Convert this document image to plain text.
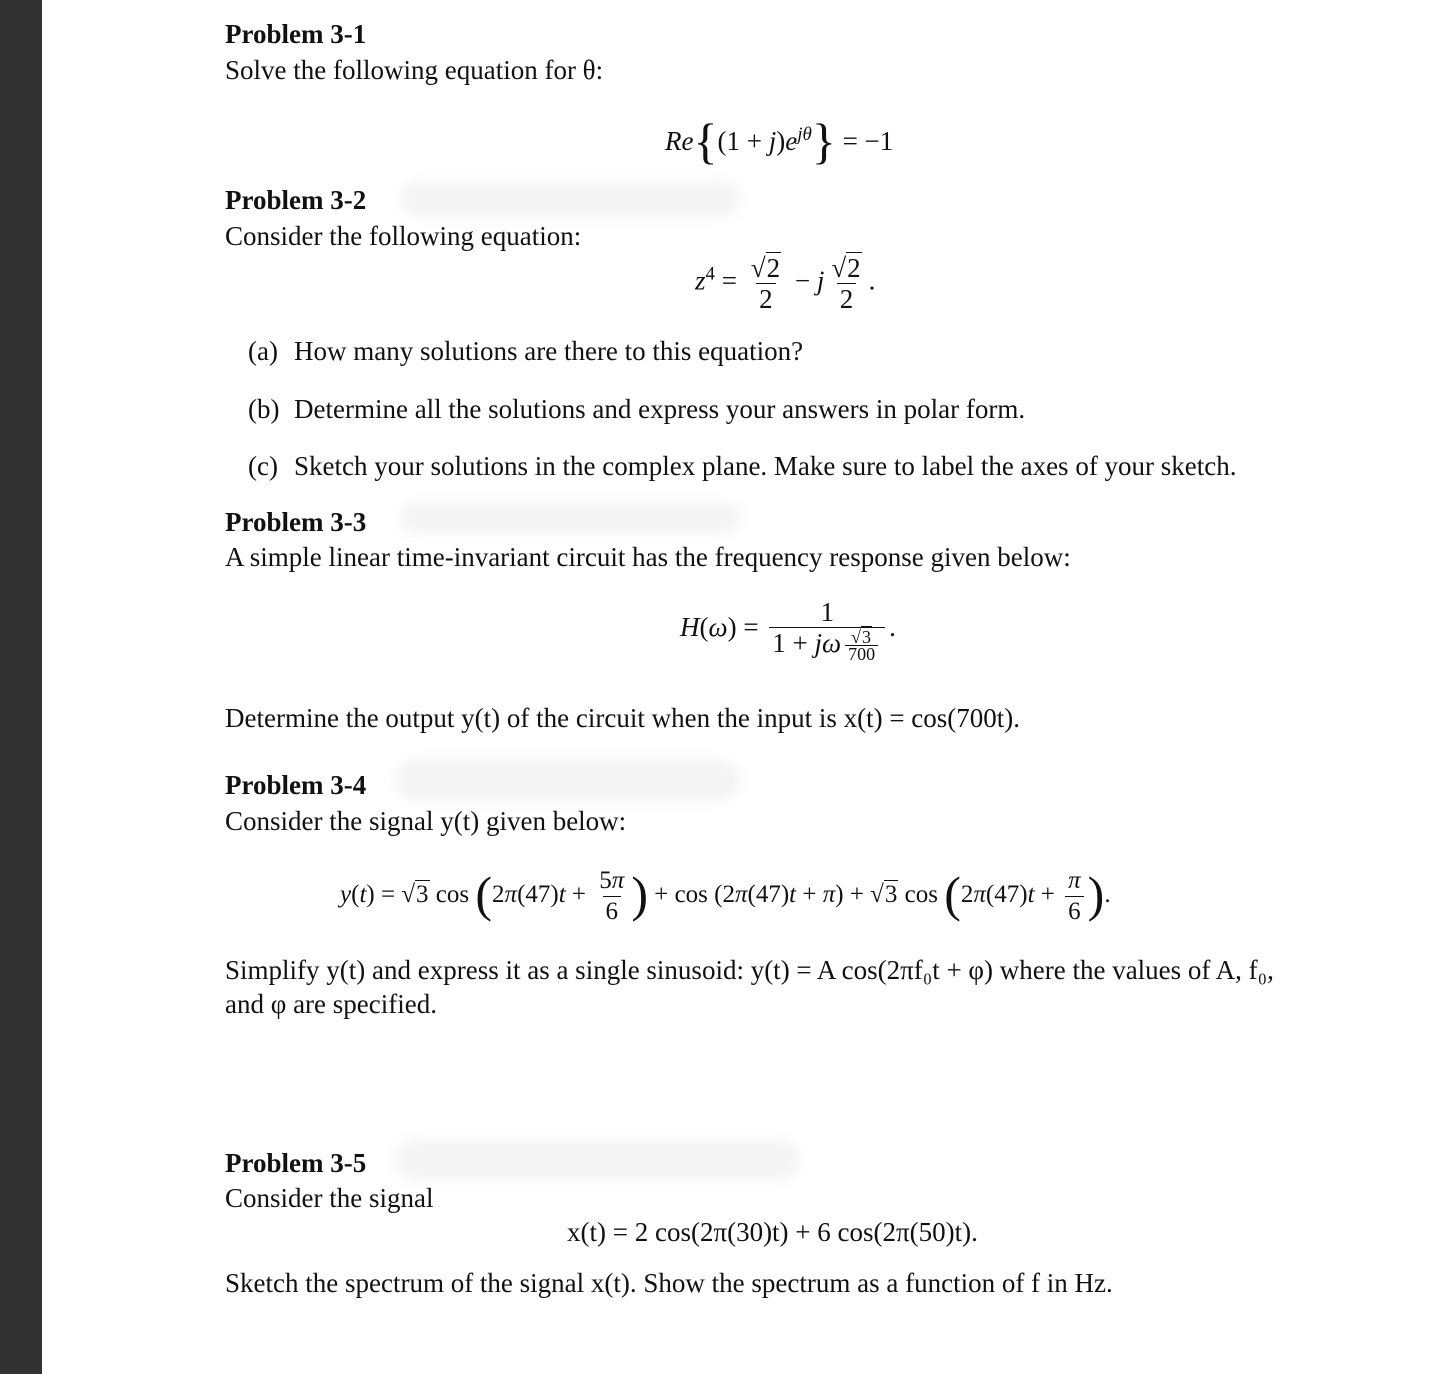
Problem 3-1
Solve the following equation for θ:
$Re\{(1 + j)e^{j\theta}\} = -1$
Problem 3-2
Consider the following equation:
$z^4 = \frac{√2}{2} - j \frac{√2}{2}$ .
(a) How many solutions are there to this equation?
(b) Determine all the solutions and express your answers in polar form.
(c) Sketch your solutions in the complex plane. Make sure to label the axes of your sketch.
Problem 3-3
A simple linear time-invariant circuit has the frequency response given below:
$H(\omega) = \frac{1}{1 + j\omega \frac{√3}{700}}$ .
Determine the output y(t) of the circuit when the input is x(t) = cos(700t).
Problem 3-4
Consider the signal y(t) given below:
y(t) = √3 $\cos (2\pi(47)t + \frac{5\pi}{6}$ ) + cos (2π(47)t + π) + √3 $\cos (2\pi(47)t + \frac{\pi}{6}$ ).
Simplify y(t) and express it as a single sinusoid: y(t) = A cos(2πf₀t + φ) where the values of A, f₀,
and φ are specified.
Problem 3-5
Consider the signal
x(t) = 2 cos(2π(30)t) + 6 cos(2π(50)t).
Sketch the spectrum of the signal x(t). Show the spectrum as a function of f in Hz.
